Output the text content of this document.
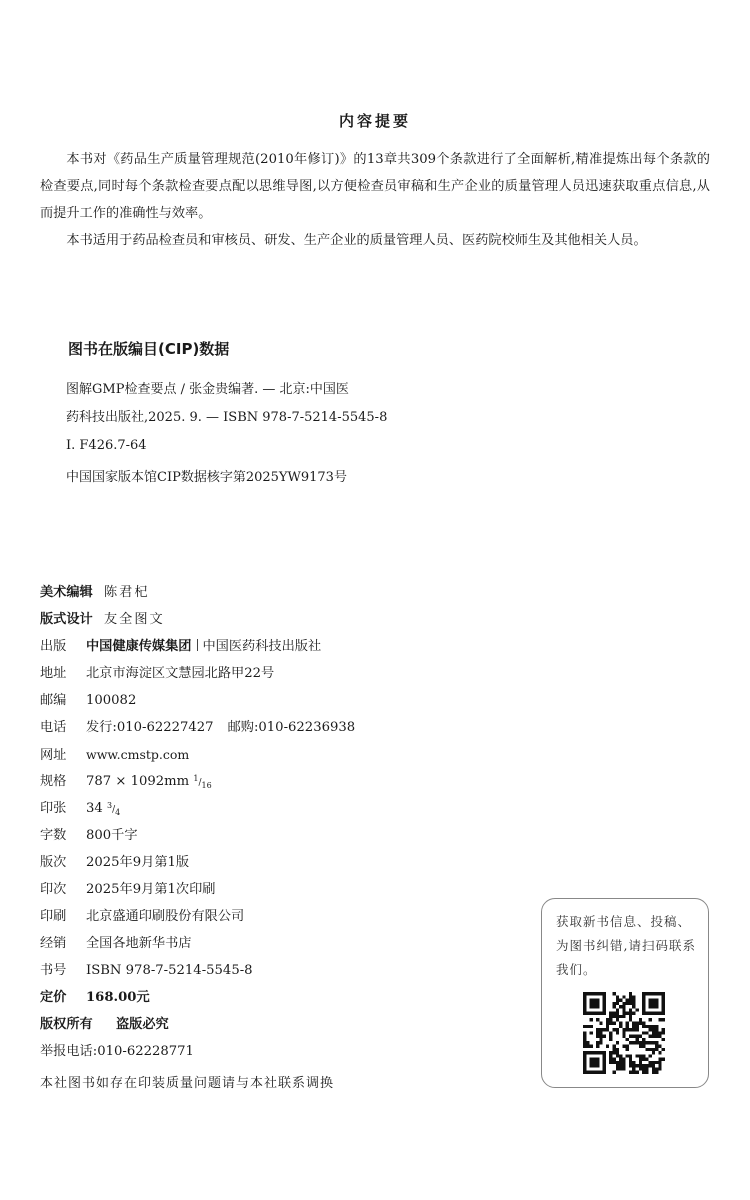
内容提要

本书对《药品生产质量管理规范(2010年修订)》的13章共309个条款进行了全面解析,精准提炼出每个条款的检查要点,同时每个条款检查要点配以思维导图,以方便检查员审稿和生产企业的质量管理人员迅速获取重点信息,从而提升工作的准确性与效率。

本书适用于药品检查员和审核员、研发、生产企业的质量管理人员、医药院校师生及其他相关人员。

图书在版编目(CIP)数据
图解GMP检查要点 / 张金贵编著. — 北京:中国医
药科技出版社,2025. 9. — ISBN 978-7-5214-5545-8
Ⅰ. F426.7-64
中国国家版本馆CIP数据核字第2025YW9173号
美术编辑 陈君杞
版式设计 友全图文
出版 中国健康传媒集团 中国医药科技出版社
地址 北京市海淀区文慧园北路甲22号
邮编 100082
电话 发行:010-62227427 邮购:010-62236938
网址 www.cmstp.com
规格 787 × 1092mm $^1/_{16}$
印张 34 $^3/_4$
字数 800千字
版次 2025年9月第1版
印次 2025年9月第1次印刷
印刷 北京盛通印刷股份有限公司
经销 全国各地新华书店
书号 ISBN 978-7-5214-5545-8
定价 168.00元
版权所有 盗版必究
举报电话:010-62228771
本社图书如存在印装质量问题请与本社联系调换
获取新书信息、投稿、为图书纠错,请扫码联系我们。
